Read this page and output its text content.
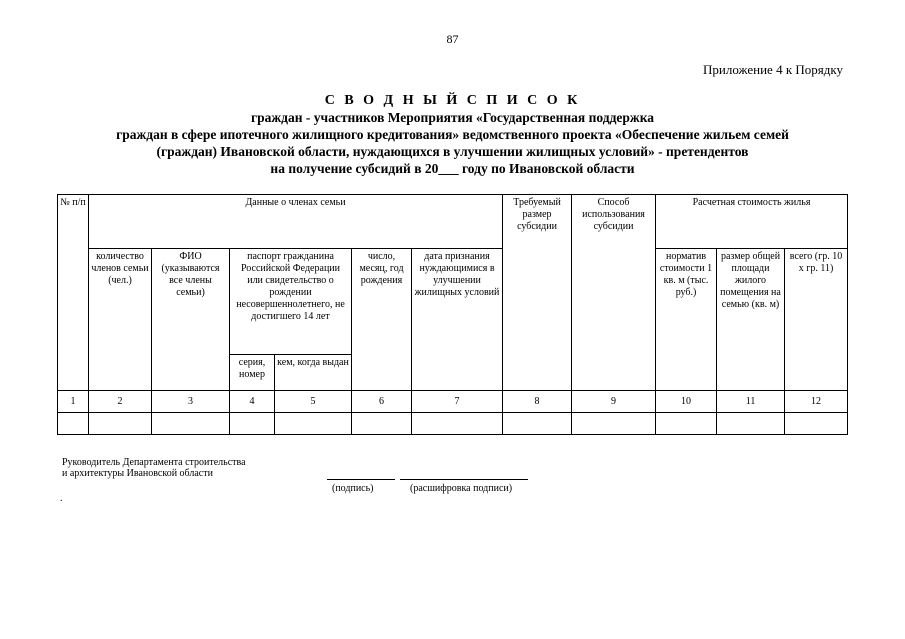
87
Приложение 4 к Порядку
С В О Д Н Ы Й С П И С О К
граждан - участников Мероприятия «Государственная поддержка
граждан в сфере ипотечного жилищного кредитования» ведомственного проекта «Обеспечение жильем семей
(граждан) Ивановской области, нуждающихся в улучшении жилищных условий» - претендентов
на получение субсидий в 20___ году по Ивановской области
№ п/п	Данные о членах семьи						Требуемый размер субсидии	Способ использования субсидии	Расчетная стоимость жилья		
	количество членов семьи (чел.)	ФИО (указываются все члены семьи)	паспорт гражданина Российской Федерации или свидетельство о рождении несовершеннолетнего, не достигшего 14 лет		число, месяц, год рождения	дата признания нуждающимися в улучшении жилищных условий			норматив стоимости 1 кв. м (тыс. руб.)	размер общей площади жилого помещения на семью (кв. м)	всего (гр. 10 x гр. 11)
			серия, номер	кем, когда выдан							
1	2	3	4	5	6	7	8	9	10	11	12

Руководитель Департамента строительства
и архитектуры Ивановской области
(подпись)	(расшифровка подписи)
.
